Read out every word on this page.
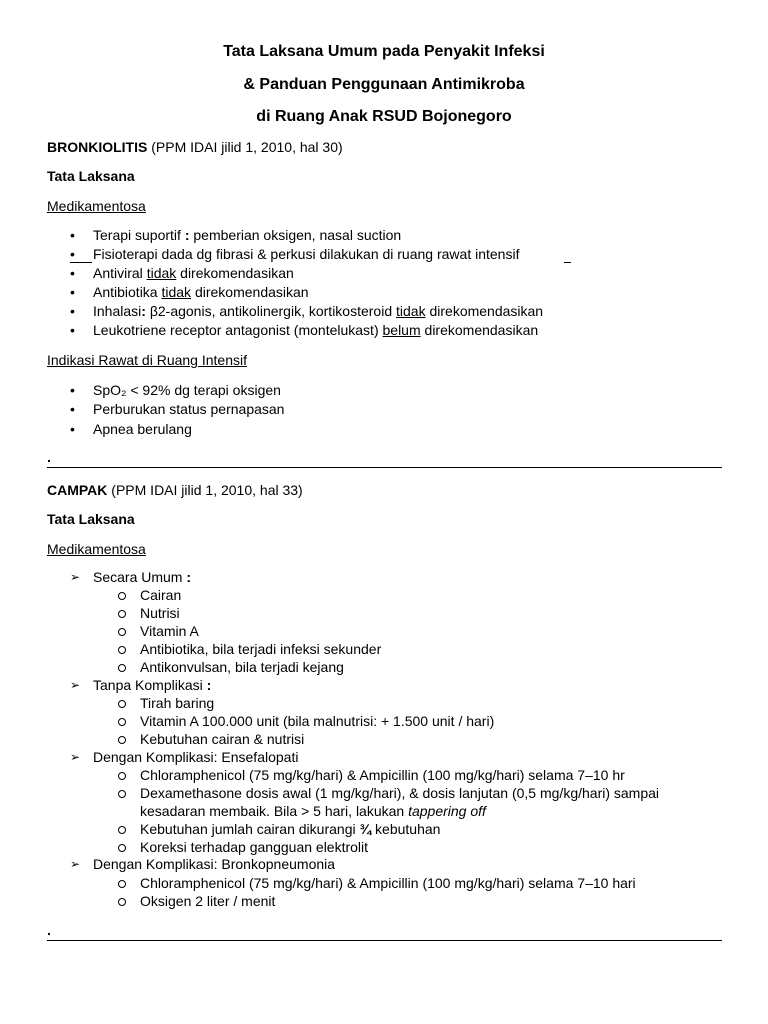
Tata Laksana Umum pada Penyakit Infeksi
& Panduan Penggunaan Antimikroba
di Ruang Anak RSUD Bojonegoro
BRONKIOLITIS (PPM IDAI jilid 1, 2010, hal 30)
Tata Laksana
Medikamentosa
• Terapi suportif : pemberian oksigen, nasal suction
• Fisioterapi dada dg fibrasi & perkusi dilakukan di ruang rawat intensif
• Antiviral tidak direkomendasikan
• Antibiotika tidak direkomendasikan
• Inhalasi: β2-agonis, antikolinergik, kortikosteroid tidak direkomendasikan
• Leukotriene receptor antagonist (montelukast) belum direkomendasikan
Indikasi Rawat di Ruang Intensif
• SpO₂ < 92% dg terapi oksigen
• Perburukan status pernapasan
• Apnea berulang
.
CAMPAK (PPM IDAI jilid 1, 2010, hal 33)
Tata Laksana
Medikamentosa
➢ Secara Umum :
Cairan
Nutrisi
Vitamin A
Antibiotika, bila terjadi infeksi sekunder
Antikonvulsan, bila terjadi kejang
➢ Tanpa Komplikasi :
Tirah baring
Vitamin A 100.000 unit (bila malnutrisi: + 1.500 unit / hari)
Kebutuhan cairan & nutrisi
➢ Dengan Komplikasi: Ensefalopati
Chloramphenicol (75 mg/kg/hari) & Ampicillin (100 mg/kg/hari) selama 7–10 hr
Dexamethasone dosis awal (1 mg/kg/hari), & dosis lanjutan (0,5 mg/kg/hari) sampai
kesadaran membaik. Bila > 5 hari, lakukan tappering off
Kebutuhan jumlah cairan dikurangi ¾ kebutuhan
Koreksi terhadap gangguan elektrolit
➢ Dengan Komplikasi: Bronkopneumonia
Chloramphenicol (75 mg/kg/hari) & Ampicillin (100 mg/kg/hari) selama 7–10 hari
Oksigen 2 liter / menit
.
